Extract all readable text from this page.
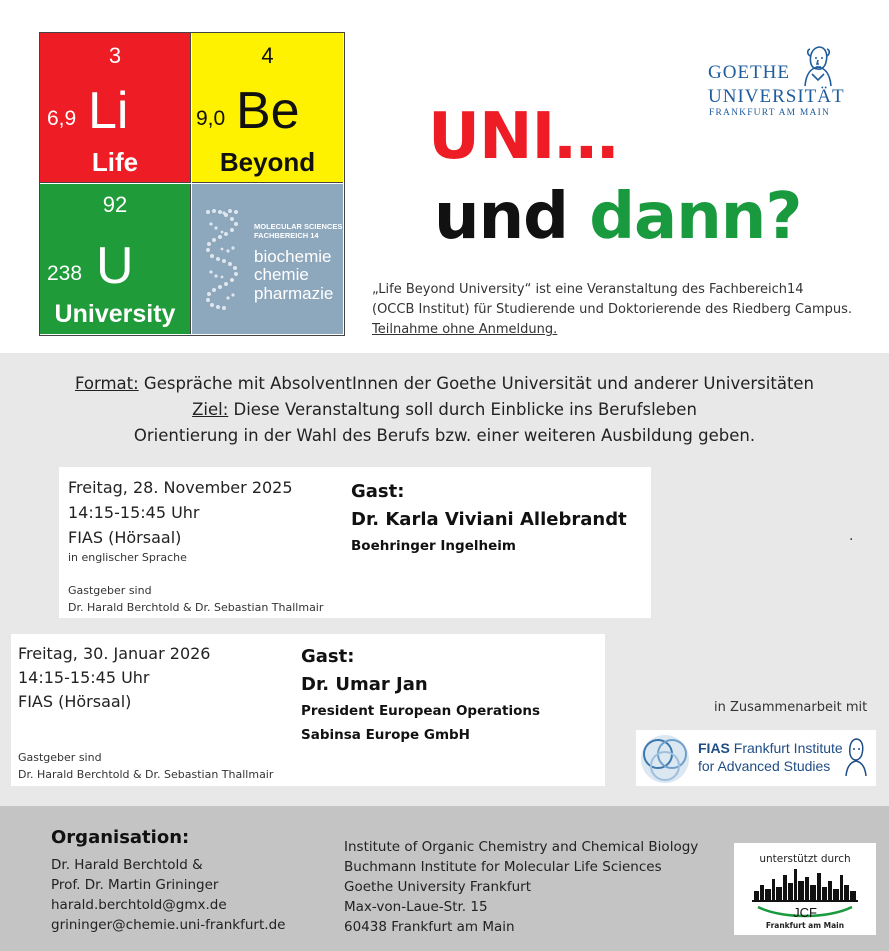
3
6,9 Li
Life
4
9,0 Be
Beyond
92
238 U
University
MOLECULAR SCIENCES
FACHBEREICH 14
biochemie
chemie
pharmazie
GOETHE
UNIVERSITÄT
FRANKFURT AM MAIN
UNI…
und dann?
„Life Beyond University“ ist eine Veranstaltung des Fachbereich14
(OCCB Institut) für Studierende und Doktorierende des Riedberg Campus.
Teilnahme ohne Anmeldung.
Format: Gespräche mit AbsolventInnen der Goethe Universität und anderer Universitäten
Ziel: Diese Veranstaltung soll durch Einblicke ins Berufsleben
Orientierung in der Wahl des Berufs bzw. einer weiteren Ausbildung geben.
Freitag, 28. November 2025
14:15-15:45 Uhr
FIAS (Hörsaal)
in englischer Sprache
Gastgeber sind
Dr. Harald Berchtold & Dr. Sebastian Thallmair
Gast:
Dr. Karla Viviani Allebrandt
Boehringer Ingelheim
.
Freitag, 30. Januar 2026
14:15-15:45 Uhr
FIAS (Hörsaal)
Gastgeber sind
Dr. Harald Berchtold & Dr. Sebastian Thallmair
Gast:
Dr. Umar Jan
President European Operations
Sabinsa Europe GmbH
in Zusammenarbeit mit
FIAS Frankfurt Institute
for Advanced Studies
Organisation:
Dr. Harald Berchtold &
Prof. Dr. Martin Grininger
harald.berchtold@gmx.de
grininger@chemie.uni-frankfurt.de
Institute of Organic Chemistry and Chemical Biology
Buchmann Institute for Molecular Life Sciences
Goethe University Frankfurt
Max-von-Laue-Str. 15
60438 Frankfurt am Main
unterstützt durch
JCF
Frankfurt am Main
